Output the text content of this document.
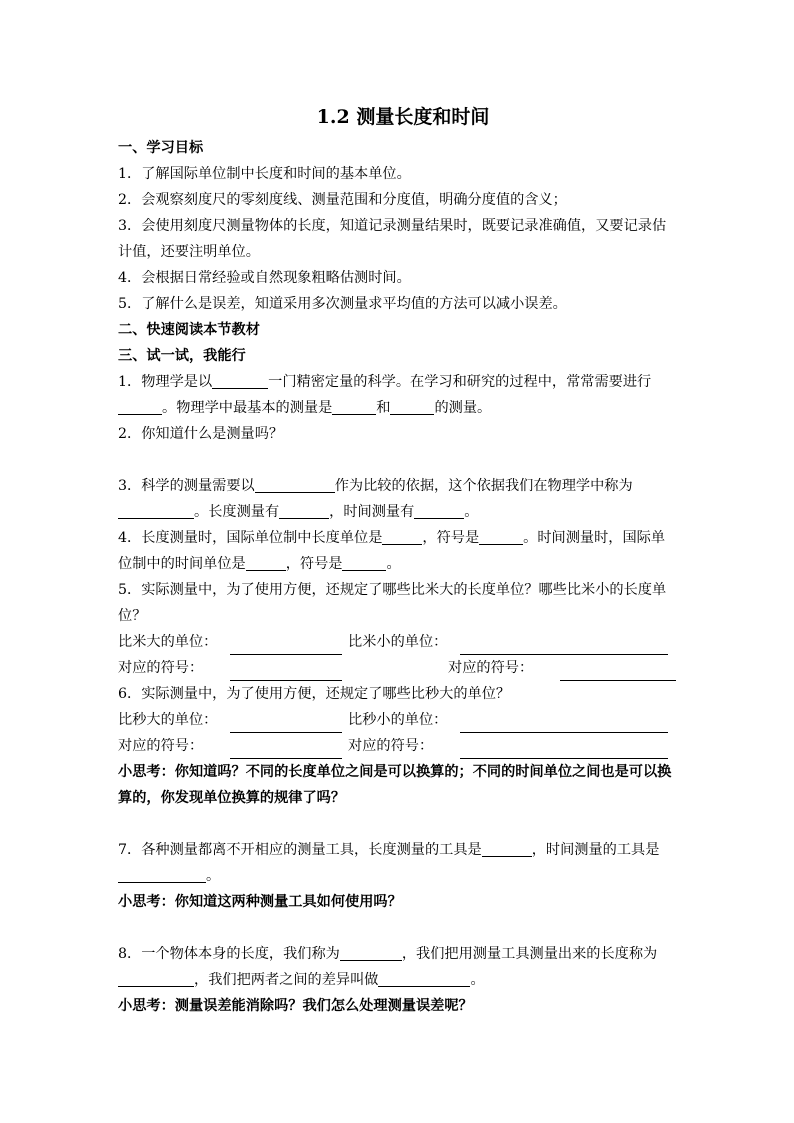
1.2 测量长度和时间
一、学习目标
1．了解国际单位制中长度和时间的基本单位。
2．会观察刻度尺的零刻度线、测量范围和分度值，明确分度值的含义；
3．会使用刻度尺测量物体的长度，知道记录测量结果时，既要记录准确值，又要记录估计值，还要注明单位。
4．会根据日常经验或自然现象粗略估测时间。
5．了解什么是误差，知道采用多次测量求平均值的方法可以减小误差。
二、快速阅读本节教材
三、试一试，我能行
1．物理学是以	一门精密定量的科学。在学习和研究的过程中，常常需要进行。物理学中最基本的测量是	和	的测量。
2．你知道什么是测量吗？
3．科学的测量需要以	作为比较的依据，这个依据我们在物理学中称为。长度测量有	，时间测量有	。
4．长度测量时，国际单位制中长度单位是	，符号是	。时间测量时，国际单位制中的时间单位是	，符号是	。
5．实际测量中，为了使用方便，还规定了哪些比米大的长度单位？哪些比米小的长度单位？
比米大的单位：	比米小的单位：
对应的符号：	对应的符号：
6．实际测量中，为了使用方便，还规定了哪些比秒大的单位？
比秒大的单位：	比秒小的单位：
对应的符号：	对应的符号：
小思考：你知道吗？不同的长度单位之间是可以换算的；不同的时间单位之间也是可以换算的，你发现单位换算的规律了吗？
7．各种测量都离不开相应的测量工具，长度测量的工具是	，时间测量的工具是。
小思考：你知道这两种测量工具如何使用吗？
8．一个物体本身的长度，我们称为	，我们把用测量工具测量出来的长度称为，我们把两者之间的差异叫做	。
小思考：测量误差能消除吗？我们怎么处理测量误差呢？
